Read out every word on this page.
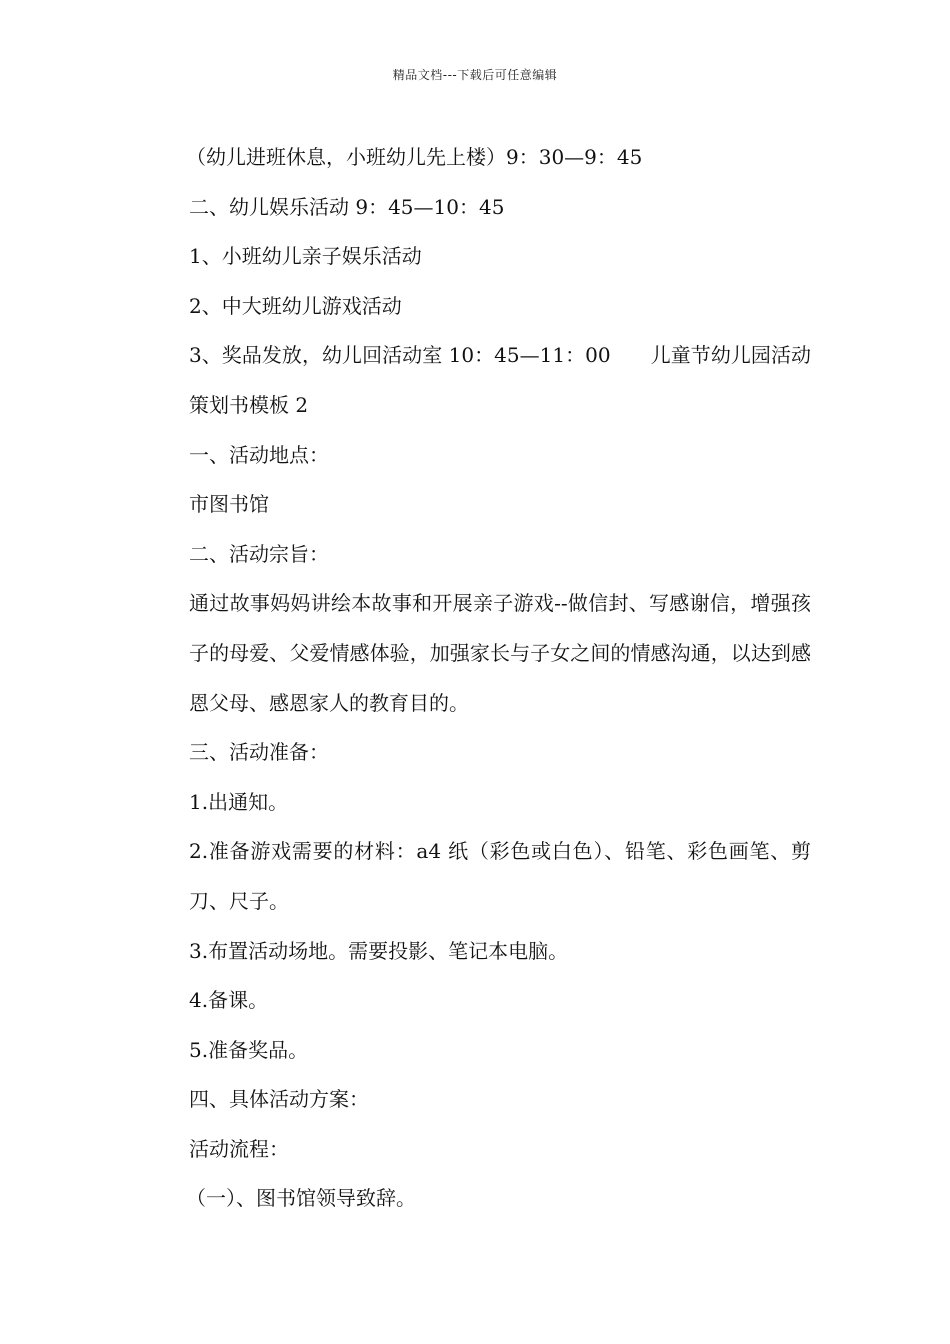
精品文档---下载后可任意编辑

（幼儿进班休息，小班幼儿先上楼）9：30—9：45

二、幼儿娱乐活动 9：45—10：45

1、小班幼儿亲子娱乐活动

2、中大班幼儿游戏活动

3、奖品发放，幼儿回活动室 10：45—11：00　　儿童节幼儿园活动策划书模板 2

一、活动地点：

市图书馆

二、活动宗旨：

通过故事妈妈讲绘本故事和开展亲子游戏--做信封、写感谢信，增强孩子的母爱、父爱情感体验，加强家长与子女之间的情感沟通，以达到感恩父母、感恩家人的教育目的。

三、活动准备：

1.出通知。

2.准备游戏需要的材料：a4 纸（彩色或白色）、铅笔、彩色画笔、剪刀、尺子。

3.布置活动场地。需要投影、笔记本电脑。

4.备课。

5.准备奖品。

四、具体活动方案：

活动流程：

（一）、图书馆领导致辞。
